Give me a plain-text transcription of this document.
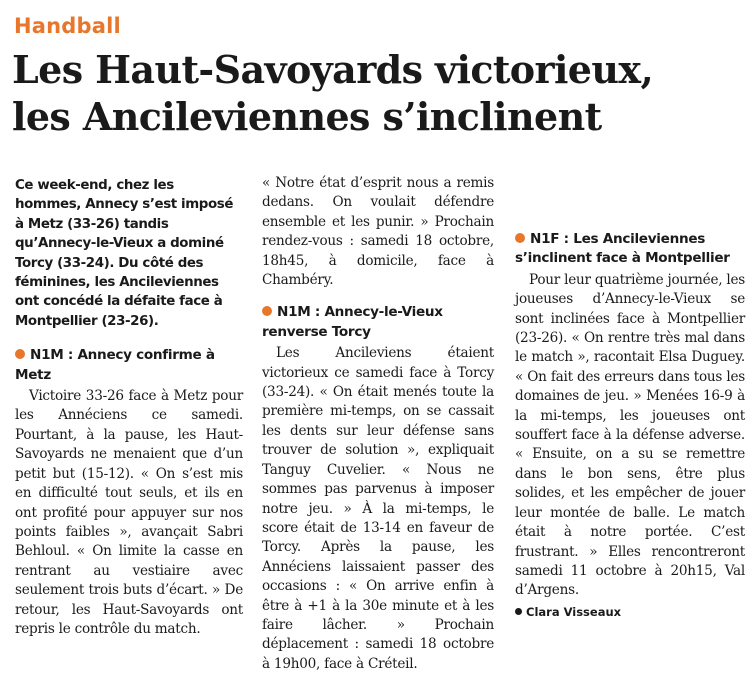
Handball
Les Haut-Savoyards victorieux,
les Ancileviennes s’inclinent

Ce week-end, chez les hommes, Annecy s’est imposé à Metz (33-26) tandis qu’Annecy-le-Vieux a dominé Torcy (33-24). Du côté des féminines, les Ancileviennes ont concédé la défaite face à Montpellier (23-26).

N1M : Annecy confirme à Metz

Victoire 33-26 face à Metz pour les Annéciens ce samedi. Pourtant, à la pause, les Haut-Savoyards ne menaient que d’un petit but (15-12). « On s’est mis en difficulté tout seuls, et ils en ont profité pour appuyer sur nos points faibles », avançait Sabri Behloul. « On limite la casse en rentrant au vestiaire avec seulement trois buts d’écart. » De retour, les Haut-Savoyards ont repris le contrôle du match.

« Notre état d’esprit nous a remis dedans. On voulait défendre ensemble et les punir. » Prochain rendez-vous : samedi 18 octobre, 18h45, à domicile, face à Chambéry.

N1M : Annecy-le-Vieux renverse Torcy

Les Ancileviens étaient victorieux ce samedi face à Torcy (33-24). « On était menés toute la première mi-temps, on se cassait les dents sur leur défense sans trouver de solution », expliquait Tanguy Cuvelier. « Nous ne sommes pas parvenus à imposer notre jeu. » À la mi-temps, le score était de 13-14 en faveur de Torcy. Après la pause, les Annéciens laissaient passer des occasions : « On arrive enfin à être à +1 à la 30e minute et à les faire lâcher. » Prochain déplacement : samedi 18 octobre à 19h00, face à Créteil.

N1F : Les Ancileviennes s’inclinent face à Montpellier

Pour leur quatrième journée, les joueuses d’Annecy-le-Vieux se sont inclinées face à Montpellier (23-26). « On rentre très mal dans le match », racontait Elsa Duguey. « On fait des erreurs dans tous les domaines de jeu. » Menées 16-9 à la mi-temps, les joueuses ont souffert face à la défense adverse. « Ensuite, on a su se remettre dans le bon sens, être plus solides, et les empêcher de jouer leur montée de balle. Le match était à notre portée. C’est frustrant. » Elles rencontreront samedi 11 octobre à 20h15, Val d’Argens.

Clara Visseaux
